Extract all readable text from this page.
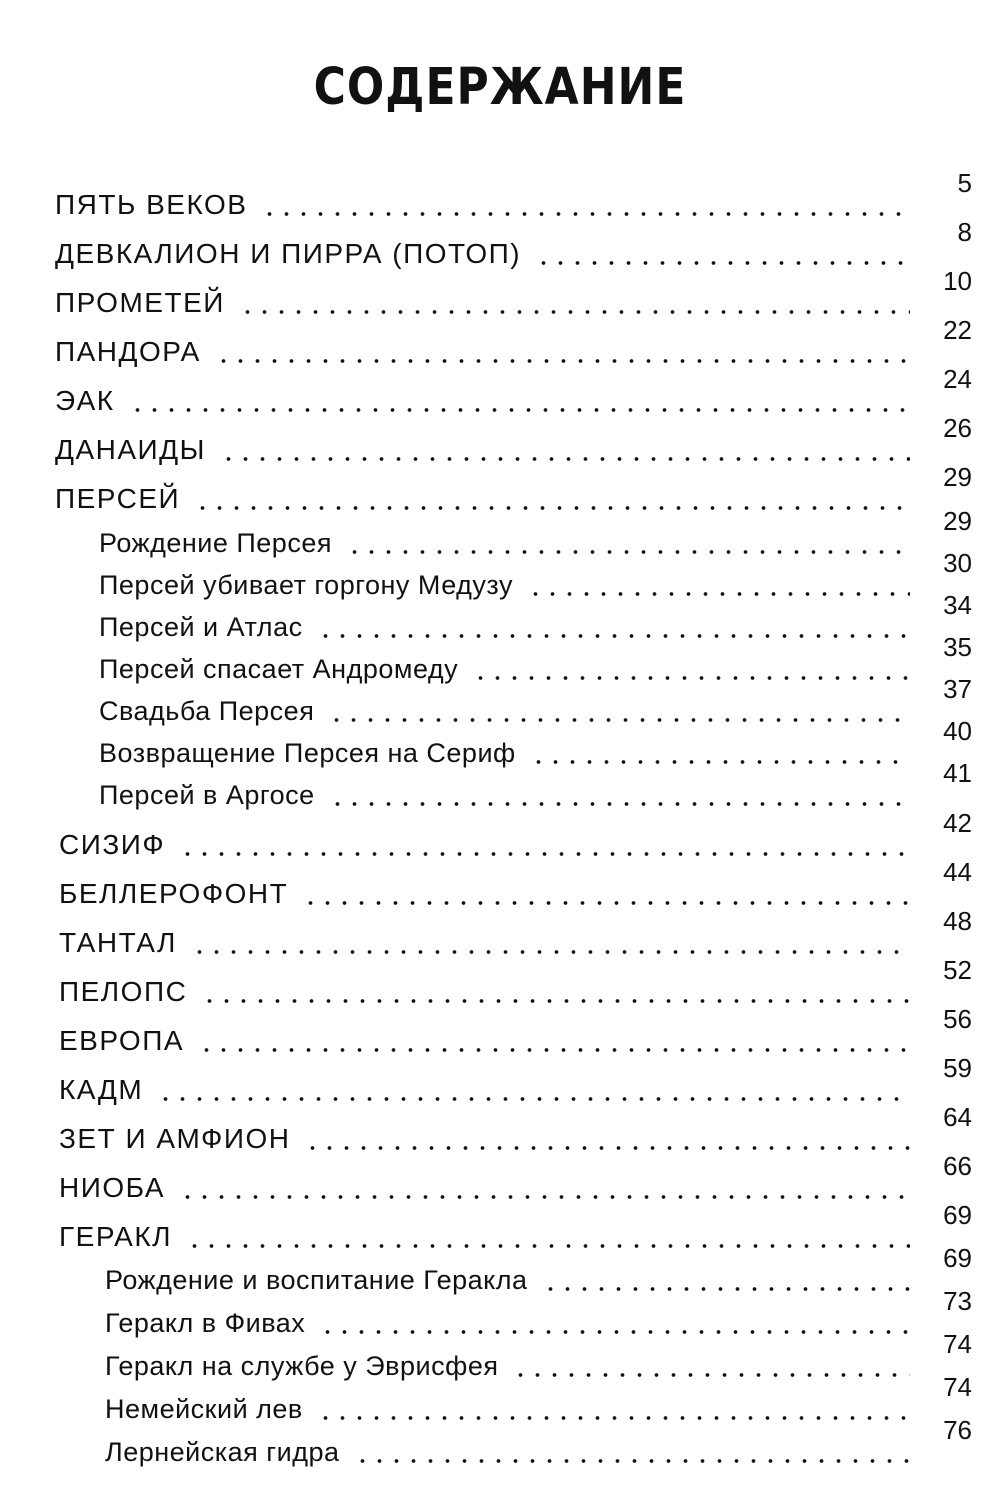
СОДЕРЖАНИЕ
ПЯТЬ ВЕКОВ
5
ДЕВКАЛИОН И ПИРРА (ПОТОП)
8
ПРОМЕТЕЙ
10
ПАНДОРА
22
ЭАК
24
ДАНАИДЫ
26
ПЕРСЕЙ
29
Рождение Персея
29
Персей убивает горгону Медузу
30
Персей и Атлас
34
Персей спасает Андромеду
35
Свадьба Персея
37
Возвращение Персея на Сериф
40
Персей в Аргосе
41
СИЗИФ
42
БЕЛЛЕРОФОНТ
44
ТАНТАЛ
48
ПЕЛОПС
52
ЕВРОПА
56
КАДМ
59
ЗЕТ И АМФИОН
64
НИОБА
66
ГЕРАКЛ
69
Рождение и воспитание Геракла
69
Геракл в Фивах
73
Геракл на службе у Эврисфея
74
Немейский лев
74
Лернейская гидра
76
